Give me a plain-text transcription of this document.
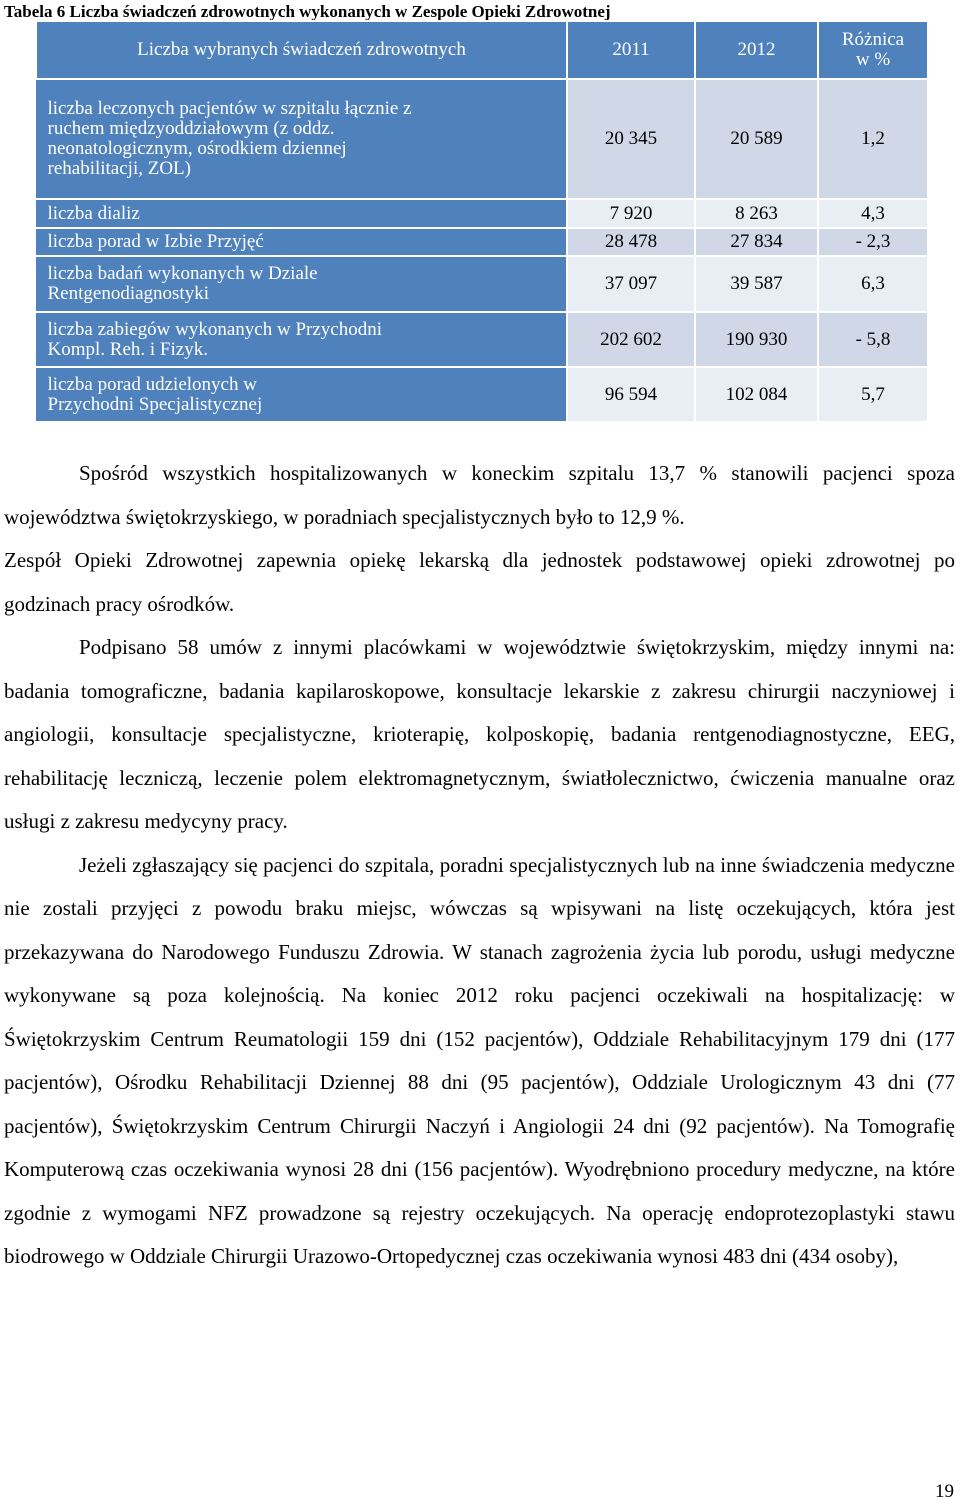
Tabela 6 Liczba świadczeń zdrowotnych wykonanych w Zespole Opieki Zdrowotnej
Liczba wybranych świadczeń zdrowotnych	2011	2012	Różnica
w %
liczba leczonych pacjentów w szpitalu łącznie z ruchem międzyoddziałowym (z oddz. neonatologicznym, ośrodkiem dziennej rehabilitacji, ZOL)	20 345	20 589	1,2
liczba dializ	7 920	8 263	4,3
liczba porad w Izbie Przyjęć	28 478	27 834	- 2,3
liczba badań wykonanych w Dziale Rentgenodiagnostyki	37 097	39 587	6,3
liczba zabiegów wykonanych w Przychodni Kompl. Reh. i Fizyk.	202 602	190 930	- 5,8
liczba porad udzielonych w Przychodni Specjalistycznej	96 594	102 084	5,7

Spośród wszystkich hospitalizowanych w koneckim szpitalu 13,7 % stanowili pacjenci spoza województwa świętokrzyskiego, w poradniach specjalistycznych było to 12,9 %.

Zespół Opieki Zdrowotnej zapewnia opiekę lekarską dla jednostek podstawowej opieki zdrowotnej po godzinach pracy ośrodków.

Podpisano 58 umów z innymi placówkami w województwie świętokrzyskim, między innymi na: badania tomograficzne, badania kapilaroskopowe, konsultacje lekarskie z zakresu chirurgii naczyniowej i angiologii, konsultacje specjalistyczne, krioterapię, kolposkopię, badania rentgenodiagnostyczne, EEG, rehabilitację leczniczą, leczenie polem elektromagnetycznym, światłolecznictwo, ćwiczenia manualne oraz usługi z zakresu medycyny pracy.

Jeżeli zgłaszający się pacjenci do szpitala, poradni specjalistycznych lub na inne świadczenia medyczne nie zostali przyjęci z powodu braku miejsc, wówczas są wpisywani na listę oczekujących, która jest przekazywana do Narodowego Funduszu Zdrowia. W stanach zagrożenia życia lub porodu, usługi medyczne wykonywane są poza kolejnością. Na koniec 2012 roku pacjenci oczekiwali na hospitalizację: w Świętokrzyskim Centrum Reumatologii 159 dni (152 pacjentów), Oddziale Rehabilitacyjnym 179 dni (177 pacjentów), Ośrodku Rehabilitacji Dziennej 88 dni (95 pacjentów), Oddziale Urologicznym 43 dni (77 pacjentów), Świętokrzyskim Centrum Chirurgii Naczyń i Angiologii 24 dni (92 pacjentów). Na Tomografię Komputerową czas oczekiwania wynosi 28 dni (156 pacjentów). Wyodrębniono procedury medyczne, na które zgodnie z wymogami NFZ prowadzone są rejestry oczekujących. Na operację endoprotezoplastyki stawu biodrowego w Oddziale Chirurgii Urazowo-Ortopedycznej czas oczekiwania wynosi 483 dni (434 osoby),

19
